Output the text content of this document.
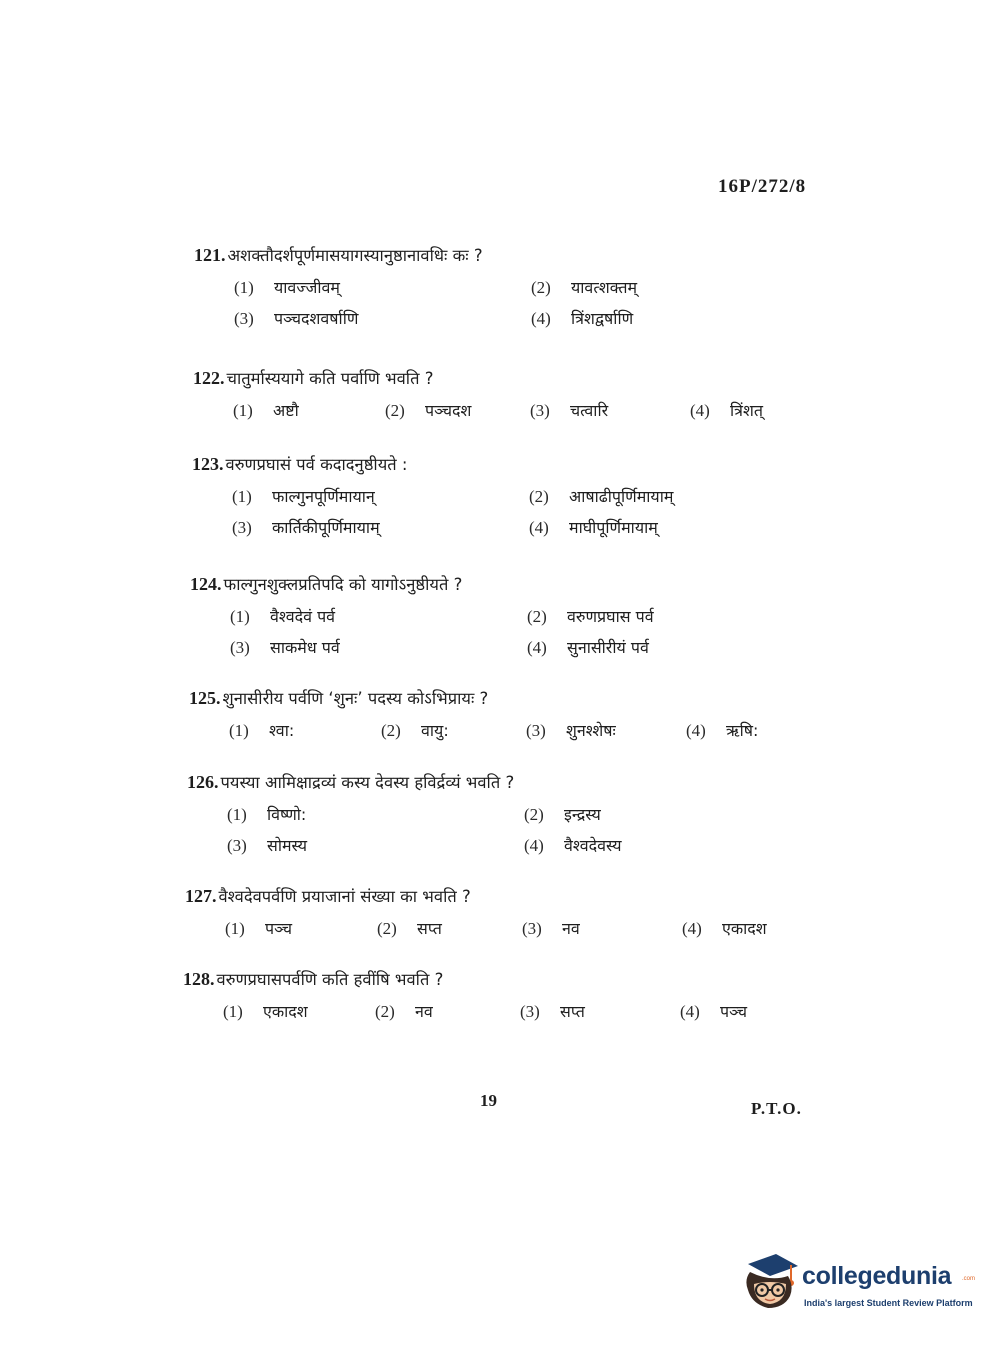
16P/272/8
121. अशक्तौदर्शपूर्णमासयागस्यानुष्ठानावधिः कः ?
(1)	यावज्जीवम्	(2)	यावत्शक्तम्
(3)	पञ्चदशवर्षाणि	(4)	त्रिंशद्वर्षाणि
122. चातुर्मास्ययागे कति पर्वाणि भवति ?
(1)	अष्टौ	(2)	पञ्चदश	(3)	चत्वारि	(4)	त्रिंशत्
123. वरुणप्रघासं पर्व कदादनुष्ठीयते :
(1)	फाल्गुनपूर्णिमायान्	(2)	आषाढीपूर्णिमायाम्
(3)	कार्तिकीपूर्णिमायाम्	(4)	माघीपूर्णिमायाम्
124. फाल्गुनशुक्लप्रतिपदि को यागोऽनुष्ठीयते ?
(1)	वैश्वदेवं पर्व	(2)	वरुणप्रघास पर्व
(3)	साकमेध पर्व	(4)	सुनासीरीयं पर्व
125. शुनासीरीय पर्वणि ‘शुनः’ पदस्य कोऽभिप्रायः ?
(1)	श्वा:	(2)	वायु:	(3)	शुनश्शेषः	(4)	ऋषि:
126. पयस्या आमिक्षाद्रव्यं कस्य देवस्य हविर्द्रव्यं भवति ?
(1)	विष्णो:	(2)	इन्द्रस्य
(3)	सोमस्य	(4)	वैश्वदेवस्य
127. वैश्वदेवपर्वणि प्रयाजानां संख्या का भवति ?
(1)	पञ्च	(2)	सप्त	(3)	नव	(4)	एकादश
128. वरुणप्रघासपर्वणि कति हवींषि भवति ?
(1)	एकादश	(2)	नव	(3)	सप्त	(4)	पञ्च
19	P.T.O.
collegedunia .com
India's largest Student Review Platform
